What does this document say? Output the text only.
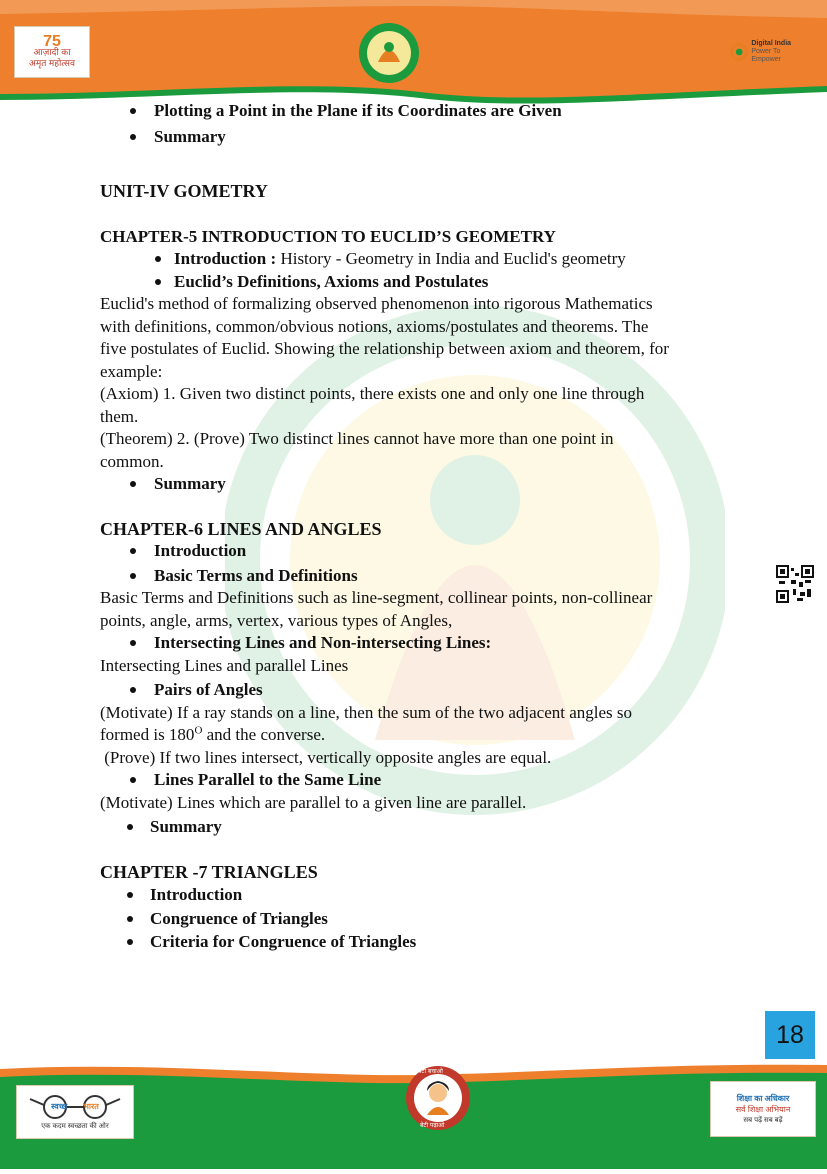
75
आज़ादी का
अमृत महोत्सव
Digital India
Power To Empower
Plotting a Point in the Plane if its Coordinates are Given
Summary
UNIT-IV GOMETRY
CHAPTER-5 INTRODUCTION TO EUCLID’S GEOMETRY
Introduction : History - Geometry in India and Euclid's geometry
Euclid’s Definitions, Axioms and Postulates
Euclid's method of formalizing observed phenomenon into rigorous Mathematics
with definitions, common/obvious notions, axioms/postulates and theorems. The
five postulates of Euclid. Showing the relationship between axiom and theorem, for
example:
(Axiom) 1. Given two distinct points, there exists one and only one line through
them.
(Theorem) 2. (Prove) Two distinct lines cannot have more than one point in
common.
Summary
CHAPTER-6 LINES AND ANGLES
Introduction
Basic Terms and Definitions
Basic Terms and Definitions such as line-segment, collinear points, non-collinear
points, angle, arms, vertex, various types of Angles,
Intersecting Lines and Non-intersecting Lines:
Intersecting Lines and parallel Lines
Pairs of Angles
(Motivate) If a ray stands on a line, then the sum of the two adjacent angles so
formed is $180^O$ and the converse.
(Prove) If two lines intersect, vertically opposite angles are equal.
Lines Parallel to the Same Line
(Motivate) Lines which are parallel to a given line are parallel.
Summary
CHAPTER -7 TRIANGLES
Introduction
Congruence of Triangles
Criteria for Congruence of Triangles
18
स्वच्छ भारत
एक कदम स्वच्छता की ओर
बेटी बचाओ
बेटी पढ़ाओ
शिक्षा का अधिकार
सर्व शिक्षा अभियान
सब पढ़ें सब बढ़ें
